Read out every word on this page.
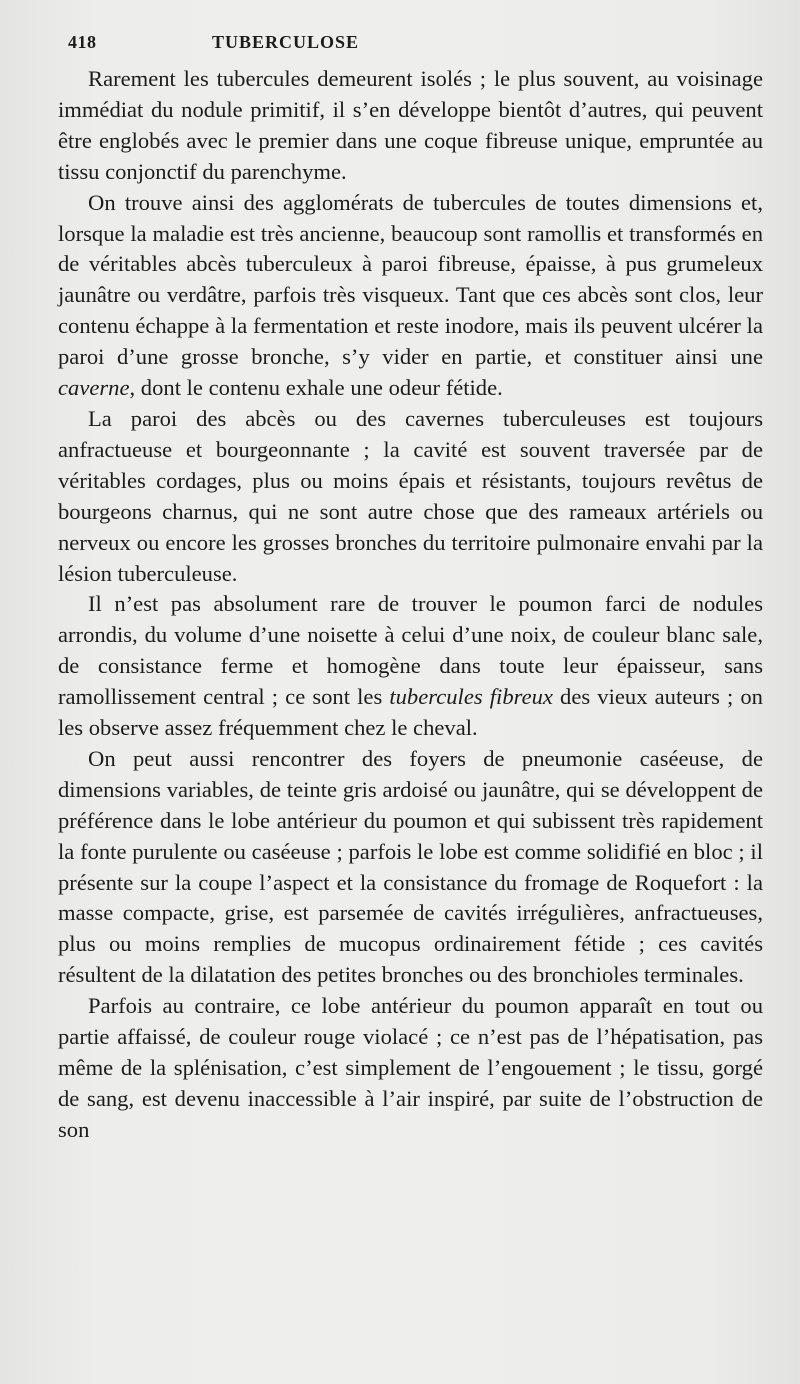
418	TUBERCULOSE

Rarement les tubercules demeurent isolés ; le plus souvent, au voisinage immédiat du nodule primitif, il s’en développe bientôt d’autres, qui peuvent être englobés avec le premier dans une coque fibreuse unique, empruntée au tissu conjonctif du parenchyme.

On trouve ainsi des agglomérats de tubercules de toutes dimensions et, lorsque la maladie est très ancienne, beaucoup sont ramollis et transformés en de véritables abcès tuberculeux à paroi fibreuse, épaisse, à pus grumeleux jaunâtre ou verdâtre, parfois très visqueux. Tant que ces abcès sont clos, leur contenu échappe à la fermentation et reste inodore, mais ils peuvent ulcérer la paroi d’une grosse bronche, s’y vider en partie, et constituer ainsi une caverne, dont le contenu exhale une odeur fétide.

La paroi des abcès ou des cavernes tuberculeuses est toujours anfractueuse et bourgeonnante ; la cavité est souvent traversée par de véritables cordages, plus ou moins épais et résistants, toujours revêtus de bourgeons charnus, qui ne sont autre chose que des rameaux artériels ou nerveux ou encore les grosses bronches du territoire pulmonaire envahi par la lésion tuberculeuse.

Il n’est pas absolument rare de trouver le poumon farci de nodules arrondis, du volume d’une noisette à celui d’une noix, de couleur blanc sale, de consistance ferme et homogène dans toute leur épaisseur, sans ramollissement central ; ce sont les tubercules fibreux des vieux auteurs ; on les observe assez fréquemment chez le cheval.

On peut aussi rencontrer des foyers de pneumonie caséeuse, de dimensions variables, de teinte gris ardoisé ou jaunâtre, qui se développent de préférence dans le lobe antérieur du poumon et qui subissent très rapidement la fonte purulente ou caséeuse ; parfois le lobe est comme solidifié en bloc ; il présente sur la coupe l’aspect et la consistance du fromage de Roquefort : la masse compacte, grise, est parsemée de cavités irrégulières, anfractueuses, plus ou moins remplies de mucopus ordinairement fétide ; ces cavités résultent de la dilatation des petites bronches ou des bronchioles terminales.

Parfois au contraire, ce lobe antérieur du poumon apparaît en tout ou partie affaissé, de couleur rouge violacé ; ce n’est pas de l’hépatisation, pas même de la splénisation, c’est simplement de l’engouement ; le tissu, gorgé de sang, est devenu inaccessible à l’air inspiré, par suite de l’obstruction de son
